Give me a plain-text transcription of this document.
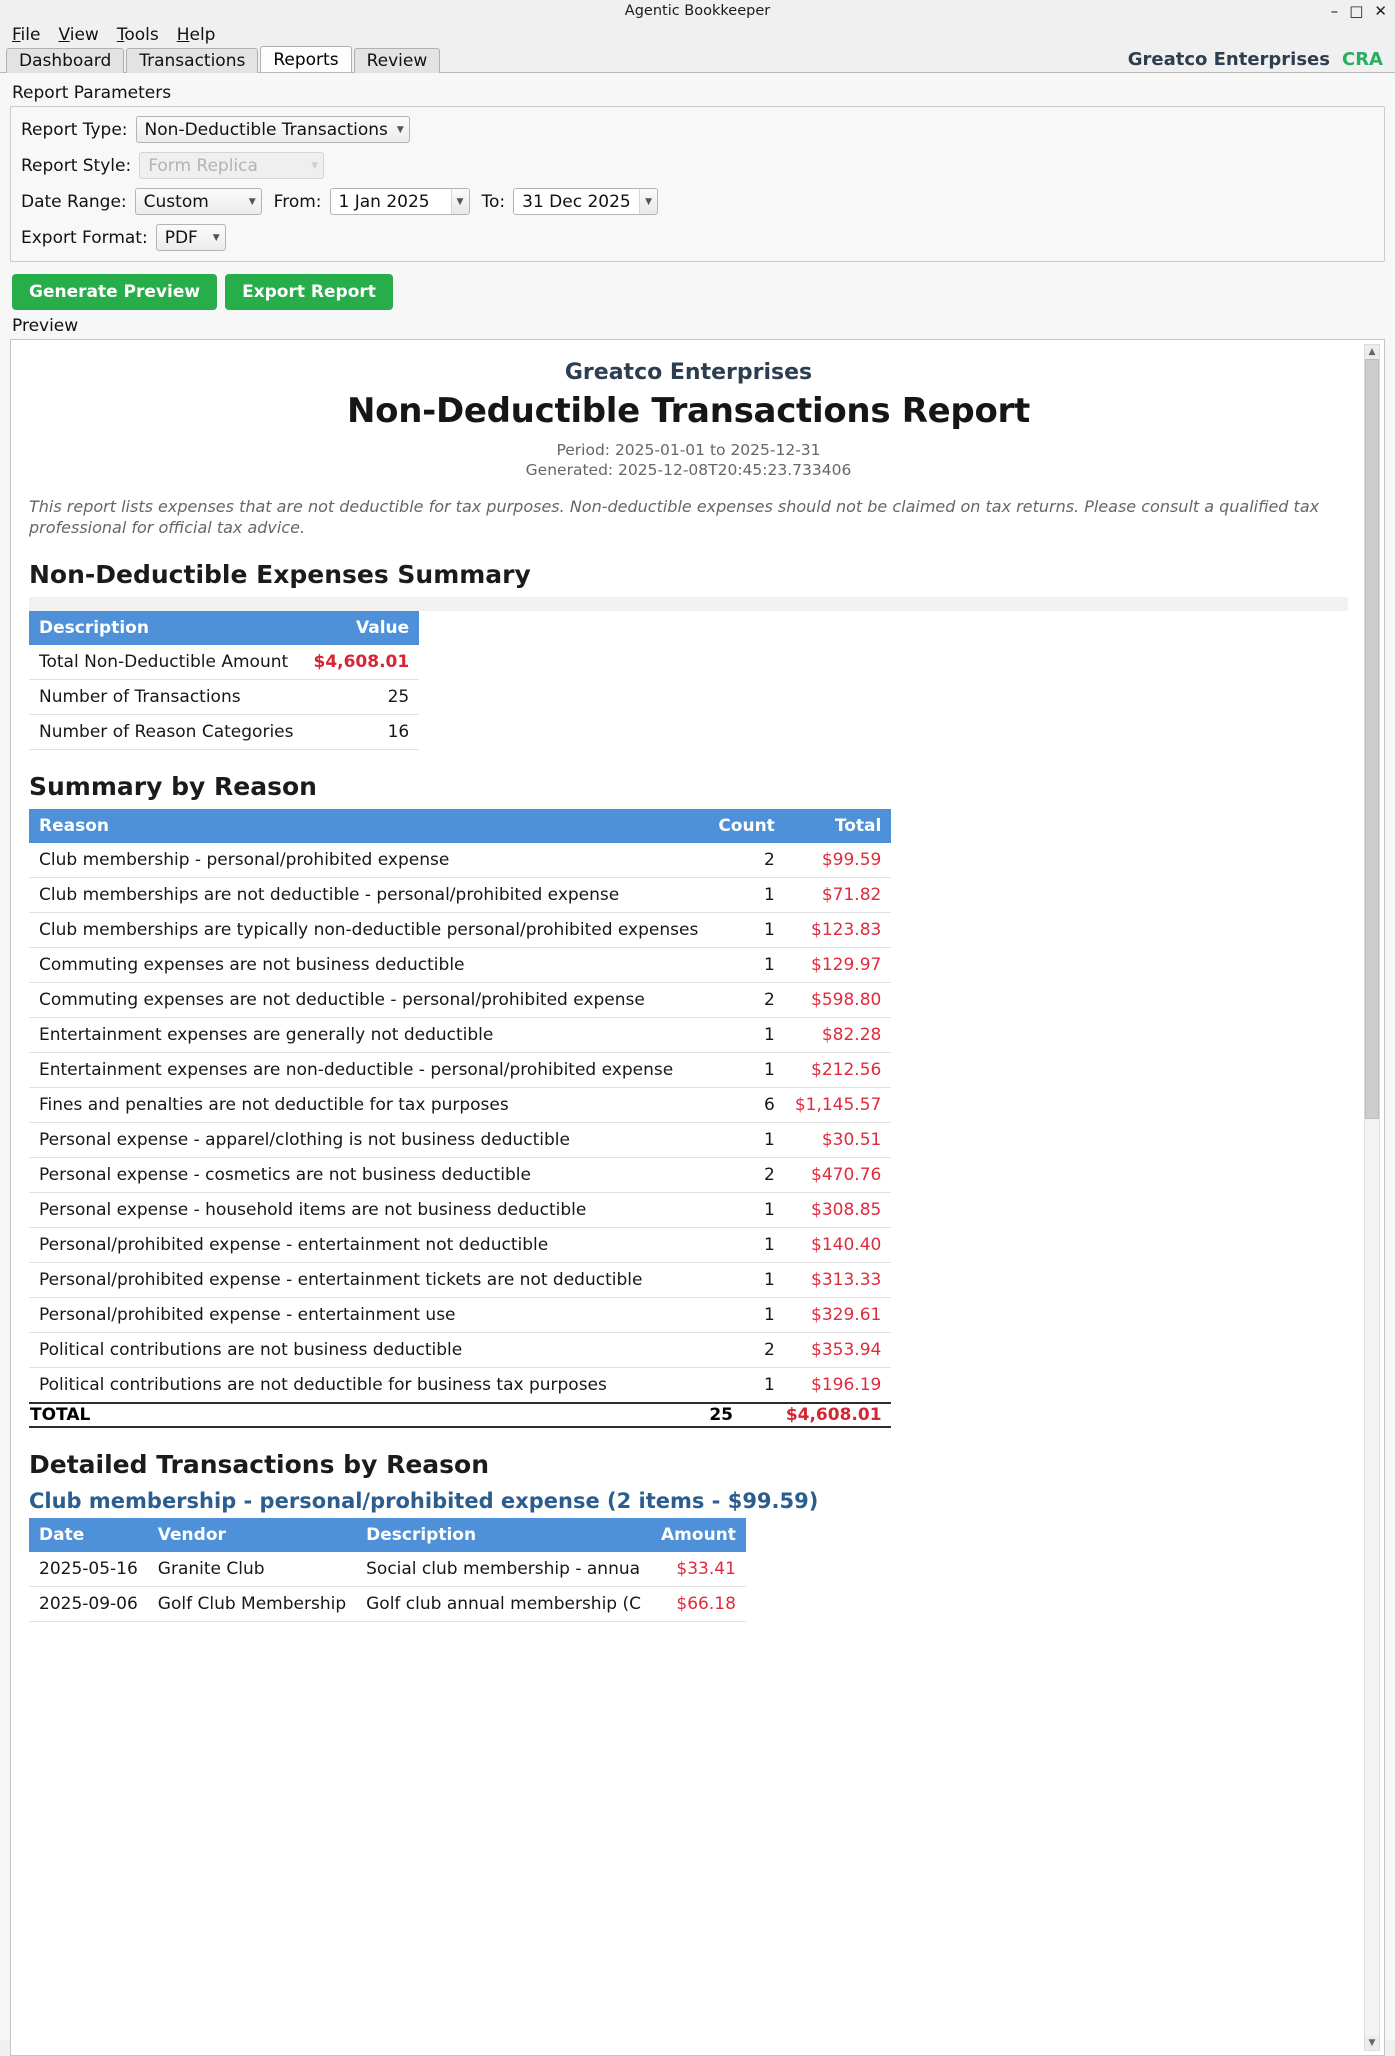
Agentic Bookkeeper	– □ ✕
File View Tools Help
Dashboard	Transactions	Reports	Review	Greatco Enterprises CRA
Report Parameters
Report Type: Non-Deductible Transactions ▼
Report Style: Form Replica	▼
Date Range: Custom	▼ From: 1 Jan 2025	▼ To: 31 Dec 2025	▼
Export Format: PDF ▼
Generate Preview	Export Report
Preview
Greatco Enterprises
Non-Deductible Transactions Report
Period: 2025-01-01 to 2025-12-31
Generated: 2025-12-08T20:45:23.733406
This report lists expenses that are not deductible for tax purposes. Non-deductible expenses should not be claimed on tax returns. Please consult a qualified tax professional for official tax advice.
Non-Deductible Expenses Summary
Description	Value
Total Non-Deductible Amount	$4,608.01
Number of Transactions	25
Number of Reason Categories	16
Summary by Reason
Reason	Count	Total
Club membership - personal/prohibited expense	2	$99.59
Club memberships are not deductible - personal/prohibited expense	1	$71.82
Club memberships are typically non-deductible personal/prohibited expenses	1	$123.83
Commuting expenses are not business deductible	1	$129.97
Commuting expenses are not deductible - personal/prohibited expense	2	$598.80
Entertainment expenses are generally not deductible	1	$82.28
Entertainment expenses are non-deductible - personal/prohibited expense	1	$212.56
Fines and penalties are not deductible for tax purposes	6	$1,145.57
Personal expense - apparel/clothing is not business deductible	1	$30.51
Personal expense - cosmetics are not business deductible	2	$470.76
Personal expense - household items are not business deductible	1	$308.85
Personal/prohibited expense - entertainment not deductible	1	$140.40
Personal/prohibited expense - entertainment tickets are not deductible	1	$313.33
Personal/prohibited expense - entertainment use	1	$329.61
Political contributions are not business deductible	2	$353.94
Political contributions are not deductible for business tax purposes	1	$196.19
TOTAL	25	$4,608.01
Detailed Transactions by Reason
Club membership - personal/prohibited expense (2 items - $99.59)
Date	Vendor	Description	Amount
2025-05-16	Granite Club	Social club membership - annua	$33.41
2025-09-06	Golf Club Membership	Golf club annual membership (C	$66.18
▲
▼
